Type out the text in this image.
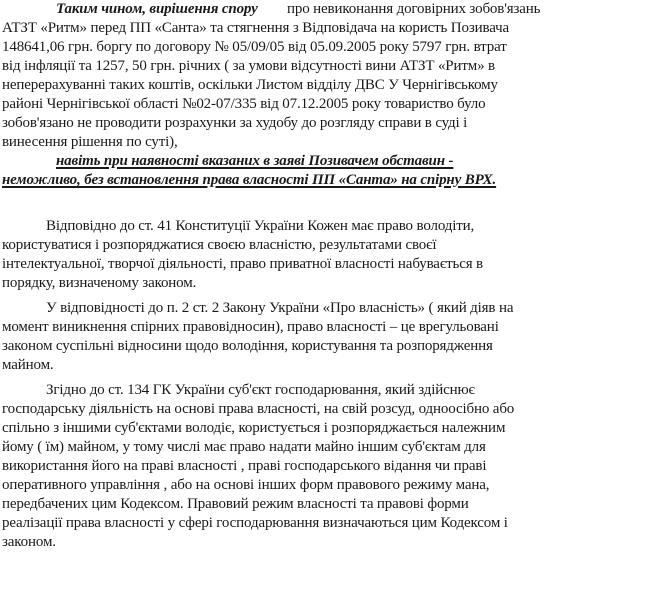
Таким чином, вирішення спору про невиконання договірних зобов'язань
АТЗТ «Ритм» перед ПП «Санта» та стягнення з Відповідача на користь Позивача
148641,06 грн. боргу по договору № 05/09/05 від 05.09.2005 року 5797 грн. втрат
від інфляції та 1257, 50 грн. річних ( за умови відсутності вини АТЗТ «Ритм» в
неперерахуванні таких коштів, оскільки Листом відділу ДВС У Чернігівському
районі Чернігівської області №02-07/335 від 07.12.2005 року товариство було
зобов'язано не проводити розрахунки за худобу до розгляду справи в суді і
винесення рішення по суті),
навіть при наявності вказаних в заяві Позивачем обставин -
неможливо, без встановлення права власності ПП «Санта» на спірну ВРХ.
Відповідно до ст. 41 Конституції України Кожен має право володіти,
користуватися і розпоряджатися своєю власністю, результатами своєї
інтелектуальної, творчої діяльності, право приватної власності набувається в
порядку, визначеному законом.
У відповідності до п. 2 ст. 2 Закону України «Про власність» ( який діяв на
момент виникнення спірних правовідносин), право власності – це врегульовані
законом суспільні відносини щодо володіння, користування та розпорядження
майном.
Згідно до ст. 134 ГК України суб'єкт господарювання, який здійснює
господарську діяльність на основі права власності, на свій розсуд, одноосібно або
спільно з іншими суб'єктами володіє, користується і розпоряджається належним
йому ( їм) майном, у тому числі має право надати майно іншим суб'єктам для
використання його на праві власності , праві господарського відання чи праві
оперативного управління , або на основі інших форм правового режиму мана,
передбачених цим Кодексом. Правовий режим власності та правові форми
реалізації права власності у сфері господарювання визначаються цим Кодексом і
законом.
